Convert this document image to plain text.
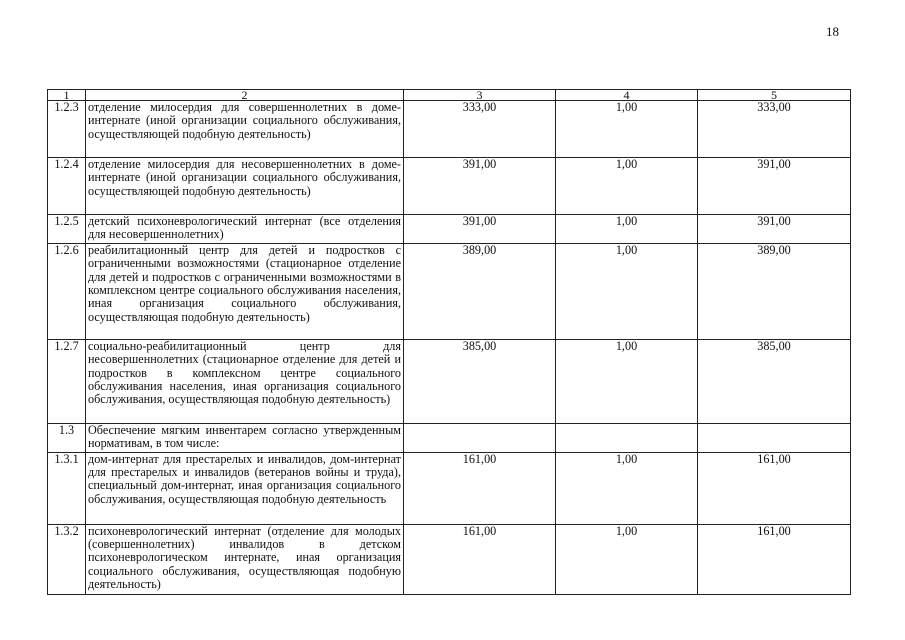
18
1	2	3	4	5
1.2.3	отделение милосердия для совершеннолетних в доме-интернате (иной организации социального обслуживания, осуществляющей подобную деятельность)	333,00	1,00	333,00
1.2.4	отделение милосердия для несовершеннолетних в доме-интернате (иной организации социального обслуживания, осуществляющей подобную деятельность)	391,00	1,00	391,00
1.2.5	детский психоневрологический интернат (все отделения для несовершеннолетних)	391,00	1,00	391,00
1.2.6	реабилитационный центр для детей и подростков с ограниченными возможностями (стационарное отделение для детей и подростков с ограниченными возможностями в комплексном центре социального обслуживания населения, иная организация социального обслуживания, осуществляющая подобную деятельность)	389,00	1,00	389,00
1.2.7	социально-реабилитационный центр для несовершеннолетних (стационарное отделение для детей и подростков в комплексном центре социального обслуживания населения, иная организация социального обслуживания, осуществляющая подобную деятельность)	385,00	1,00	385,00
1.3	Обеспечение мягким инвентарем согласно утвержденным нормативам, в том числе:			
1.3.1	дом-интернат для престарелых и инвалидов, дом-интернат для престарелых и инвалидов (ветеранов войны и труда), специальный дом-интернат, иная организация социального обслуживания, осуществляющая подобную деятельность	161,00	1,00	161,00
1.3.2	психоневрологический интернат (отделение для молодых (совершеннолетних) инвалидов в детском психоневрологическом интернате, иная организация социального обслуживания, осуществляющая подобную деятельность)	161,00	1,00	161,00
